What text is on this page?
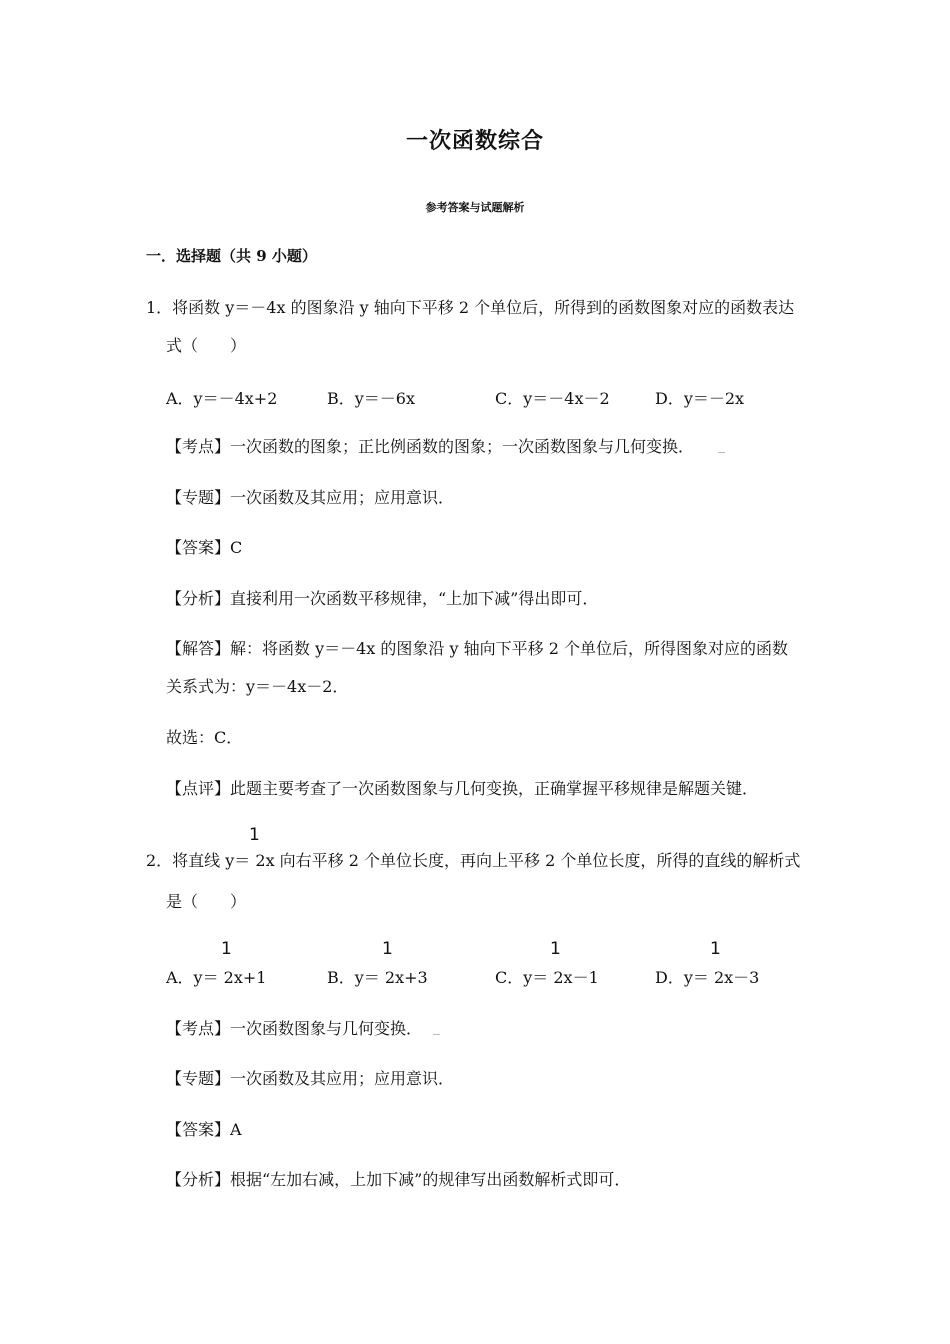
一次函数综合
参考答案与试题解析
一．选择题（共 9 小题）
1．将函数 y＝－4x 的图象沿 y 轴向下平移 2 个单位后，所得到的函数图象对应的函数表达
式（　　）
A．y＝－4x+2	B．y＝－6x	C．y＝－4x－2	D．y＝－2x
【考点】一次函数的图象；正比例函数的图象；一次函数图象与几何变换．
【专题】一次函数及其应用；应用意识．
【答案】C
【分析】直接利用一次函数平移规律，“上加下减”得出即可．
【解答】解：将函数 y＝－4x 的图象沿 y 轴向下平移 2 个单位后，所得图象对应的函数
关系式为：y＝－4x－2．
故选：C．
【点评】此题主要考查了一次函数图象与几何变换，正确掌握平移规律是解题关键．
1
2．将直线 y＝ 2x 向右平移 2 个单位长度，再向上平移 2 个单位长度，所得的直线的解析式
是（　　）
1	1	1	1
A．y＝ 2x+1	B．y＝ 2x+3	C．y＝ 2x－1	D．y＝ 2x－3
【考点】一次函数图象与几何变换．
【专题】一次函数及其应用；应用意识．
【答案】A
【分析】根据“左加右减，上加下减”的规律写出函数解析式即可．
